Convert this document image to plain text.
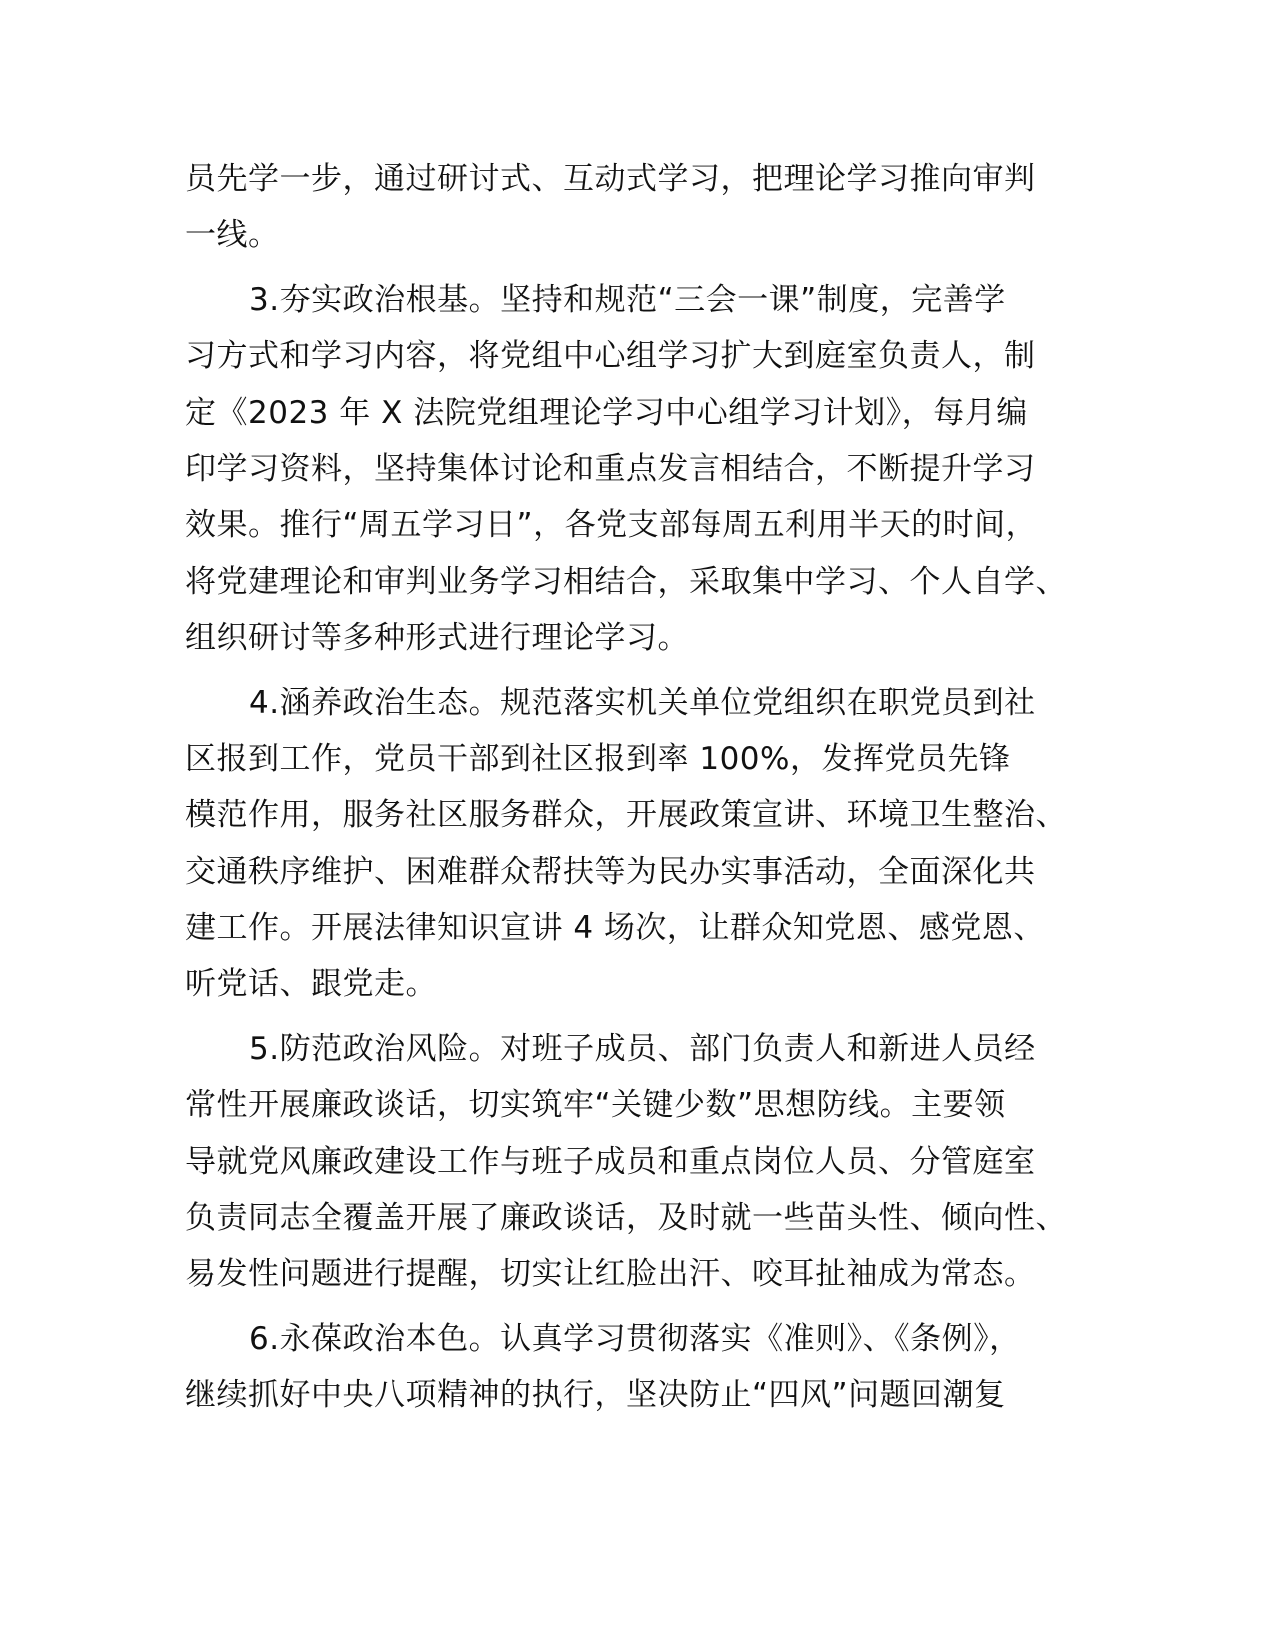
员先学一步，通过研讨式、互动式学习，把理论学习推向审判
一线。

3.夯实政治根基。坚持和规范“三会一课”制度，完善学
习方式和学习内容，将党组中心组学习扩大到庭室负责人，制
定《2023 年 X 法院党组理论学习中心组学习计划》，每月编
印学习资料，坚持集体讨论和重点发言相结合，不断提升学习
效果。推行“周五学习日”，各党支部每周五利用半天的时间，
将党建理论和审判业务学习相结合，采取集中学习、个人自学、
组织研讨等多种形式进行理论学习。

4.涵养政治生态。规范落实机关单位党组织在职党员到社
区报到工作，党员干部到社区报到率 100%，发挥党员先锋
模范作用，服务社区服务群众，开展政策宣讲、环境卫生整治、
交通秩序维护、困难群众帮扶等为民办实事活动，全面深化共
建工作。开展法律知识宣讲 4 场次，让群众知党恩、感党恩、
听党话、跟党走。

5.防范政治风险。对班子成员、部门负责人和新进人员经
常性开展廉政谈话，切实筑牢“关键少数”思想防线。主要领
导就党风廉政建设工作与班子成员和重点岗位人员、分管庭室
负责同志全覆盖开展了廉政谈话，及时就一些苗头性、倾向性、
易发性问题进行提醒，切实让红脸出汗、咬耳扯袖成为常态。

6.永葆政治本色。认真学习贯彻落实《准则》、《条例》，
继续抓好中央八项精神的执行，坚决防止“四风”问题回潮复
